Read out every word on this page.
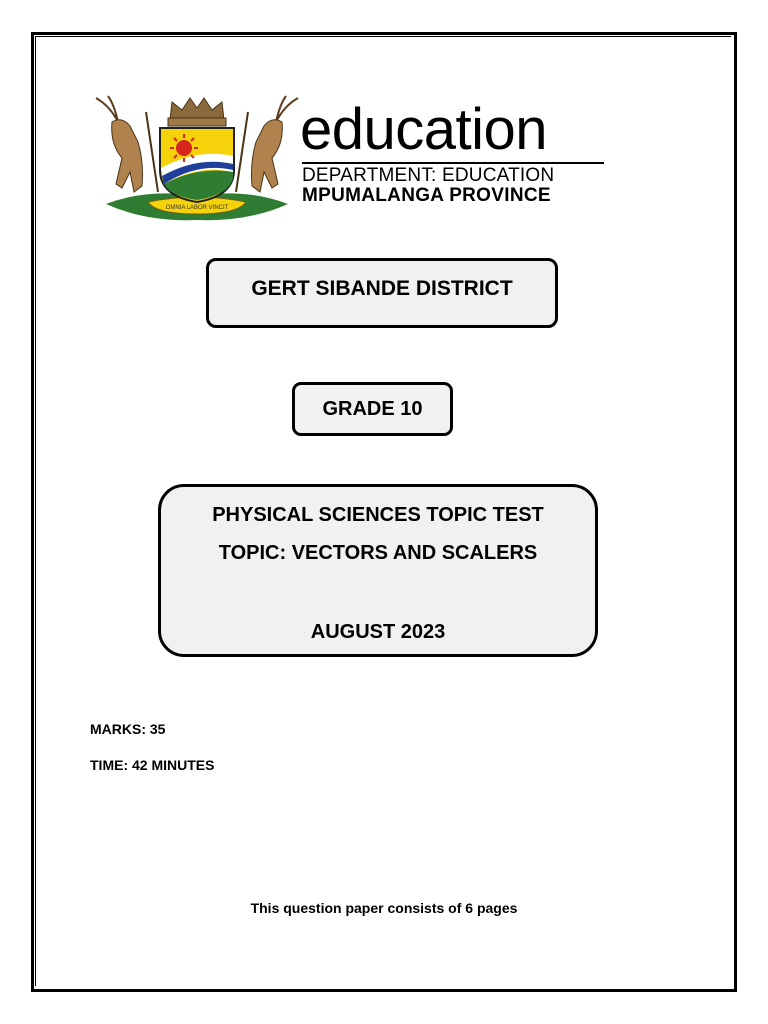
OMNIA LABOR VINCIT
education
DEPARTMENT: EDUCATION
MPUMALANGA PROVINCE
GERT SIBANDE DISTRICT
GRADE 10
PHYSICAL SCIENCES TOPIC TEST
TOPIC: VECTORS AND SCALERS
AUGUST 2023
MARKS: 35
TIME: 42 MINUTES
This question paper consists of 6 pages
